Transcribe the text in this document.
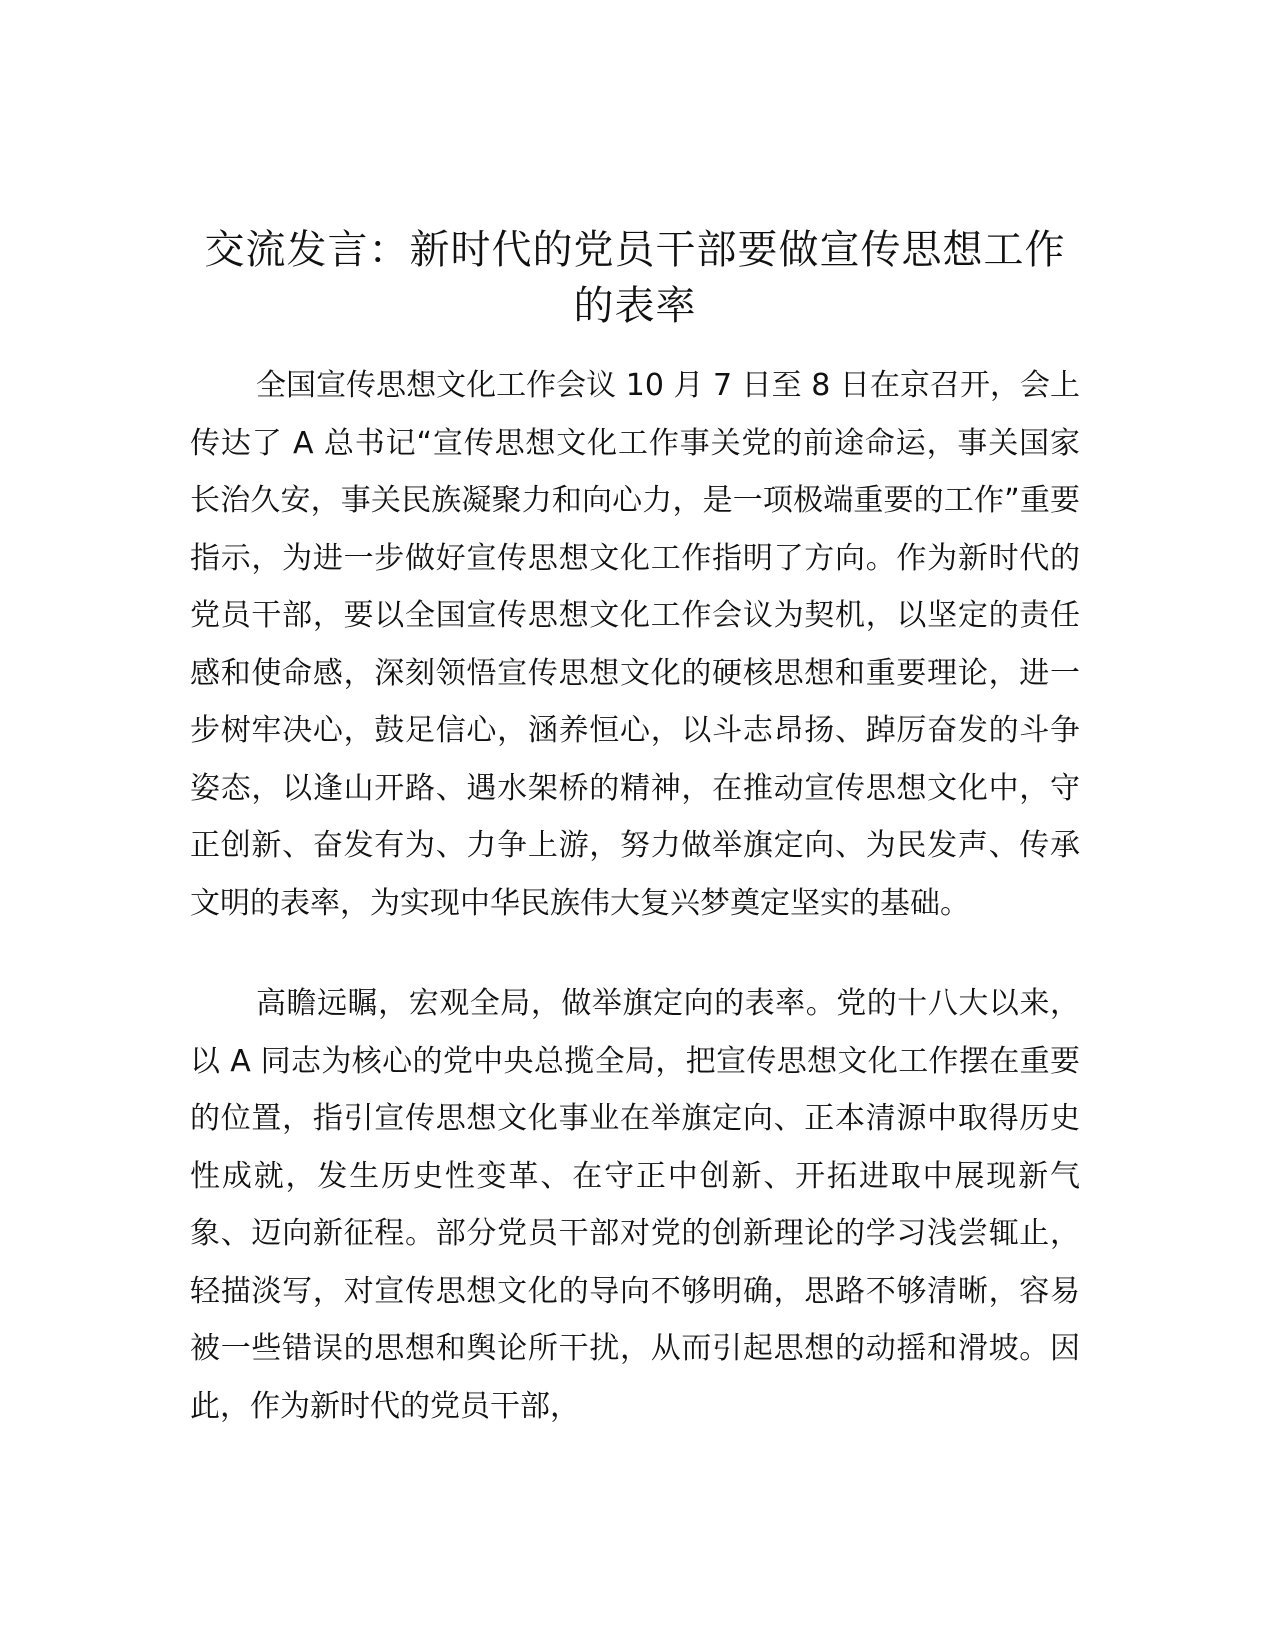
交流发言：新时代的党员干部要做宣传思想工作的表率

全国宣传思想文化工作会议 10 月 7 日至 8 日在京召开，会上传达了 A 总书记“宣传思想文化工作事关党的前途命运，事关国家长治久安，事关民族凝聚力和向心力，是一项极端重要的工作”重要指示，为进一步做好宣传思想文化工作指明了方向。作为新时代的党员干部，要以全国宣传思想文化工作会议为契机，以坚定的责任感和使命感，深刻领悟宣传思想文化的硬核思想和重要理论，进一步树牢决心，鼓足信心，涵养恒心，以斗志昂扬、踔厉奋发的斗争姿态，以逢山开路、遇水架桥的精神，在推动宣传思想文化中，守正创新、奋发有为、力争上游，努力做举旗定向、为民发声、传承文明的表率，为实现中华民族伟大复兴梦奠定坚实的基础。

高瞻远瞩，宏观全局，做举旗定向的表率。党的十八大以来，以 A 同志为核心的党中央总揽全局，把宣传思想文化工作摆在重要的位置，指引宣传思想文化事业在举旗定向、正本清源中取得历史性成就，发生历史性变革、在守正中创新、开拓进取中展现新气象、迈向新征程。部分党员干部对党的创新理论的学习浅尝辄止，轻描淡写，对宣传思想文化的导向不够明确，思路不够清晰，容易被一些错误的思想和舆论所干扰，从而引起思想的动摇和滑坡。因此，作为新时代的党员干部，
